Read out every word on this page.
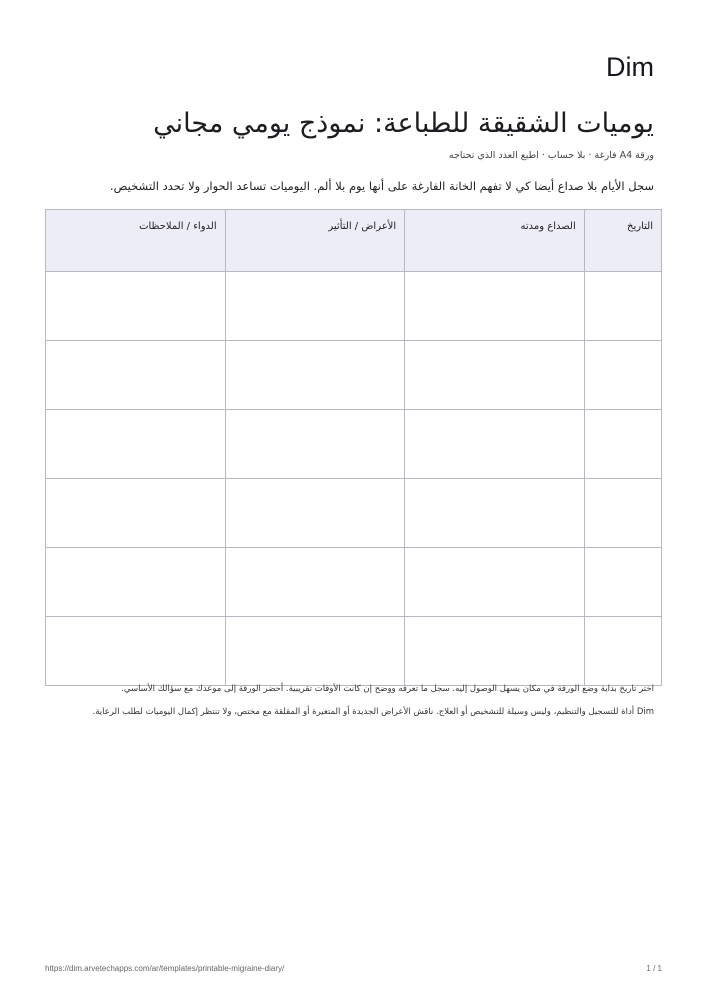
Dim
يوميات الشقيقة للطباعة: نموذج يومي مجاني
ورقة A4 فارغة · بلا حساب · اطبع العدد الذي تحتاجه
سجل الأيام بلا صداع أيضا كي لا تفهم الخانة الفارغة على أنها يوم بلا ألم. اليوميات تساعد الحوار ولا تحدد التشخيص.
التاريخ	الصداع ومدته	الأعراض / التأثير	الدواء / الملاحظات

اختر تاريخ بداية وضع الورقة في مكان يسهل الوصول إليه. سجل ما تعرفه ووضح إن كانت الأوقات تقريبية. أحضر الورقة إلى موعدك مع سؤالك الأساسي.
Dim أداة للتسجيل والتنظيم، وليس وسيلة للتشخيص أو العلاج. ناقش الأعراض الجديدة أو المتغيرة أو المقلقة مع مختص، ولا تنتظر إكمال اليوميات لطلب الرعاية.
https://dim.arvetechapps.com/ar/templates/printable-migraine-diary/	1 / 1
